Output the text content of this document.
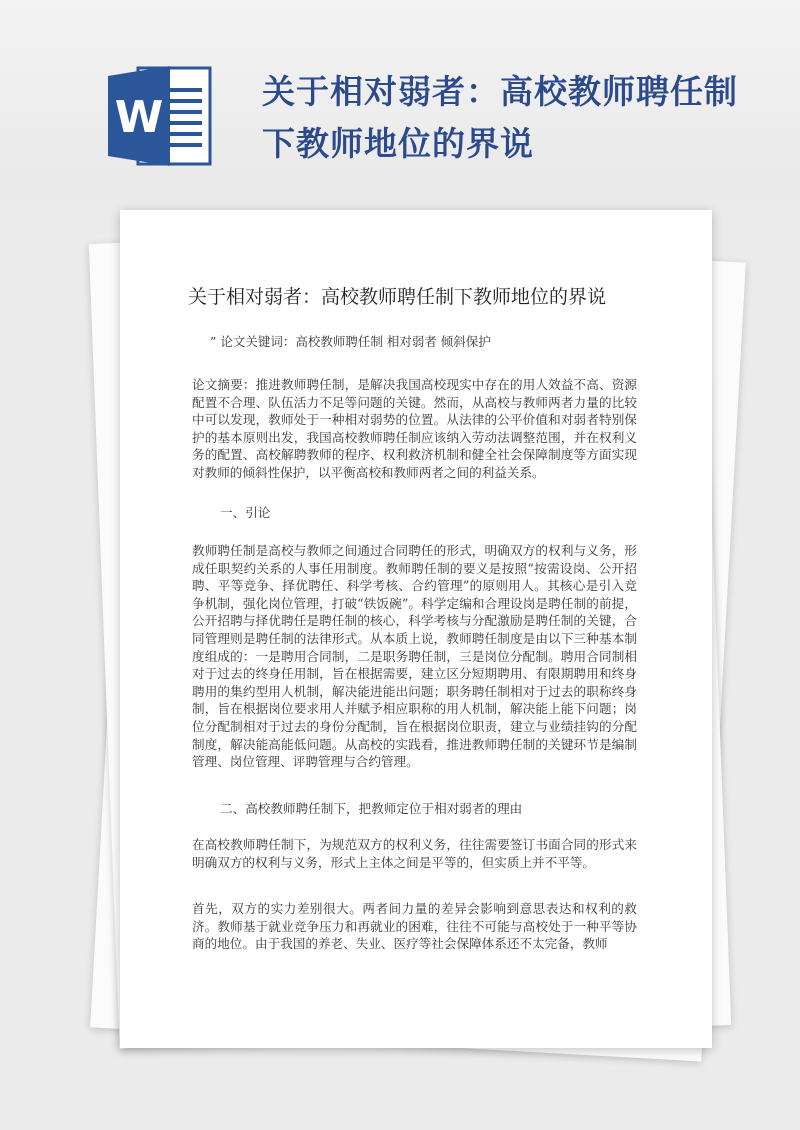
W
关于相对弱者：高校教师聘任制下教师地位的界说
关于相对弱者：高校教师聘任制下教师地位的界说
” 论文关键词：高校教师聘任制 相对弱者 倾斜保护

论文摘要：推进教师聘任制，是解决我国高校现实中存在的用人效益不高、资源配置不合理、队伍活力不足等问题的关键。然而，从高校与教师两者力量的比较中可以发现，教师处于一种相对弱势的位置。从法律的公平价值和对弱者特别保护的基本原则出发，我国高校教师聘任制应该纳入劳动法调整范围，并在权利义务的配置、高校解聘教师的程序、权利救济机制和健全社会保障制度等方面实现对教师的倾斜性保护，以平衡高校和教师两者之间的利益关系。

一、引论

教师聘任制是高校与教师之间通过合同聘任的形式，明确双方的权利与义务，形成任职契约关系的人事任用制度。教师聘任制的要义是按照“按需设岗、公开招聘、平等竞争、择优聘任、科学考核、合约管理”的原则用人。其核心是引入竞争机制，强化岗位管理，打破“铁饭碗”。科学定编和合理设岗是聘任制的前提，公开招聘与择优聘任是聘任制的核心，科学考核与分配激励是聘任制的关键，合同管理则是聘任制的法律形式。从本质上说，教师聘任制度是由以下三种基本制度组成的：一是聘用合同制，二是职务聘任制，三是岗位分配制。聘用合同制相对于过去的终身任用制，旨在根据需要，建立区分短期聘用、有限期聘用和终身聘用的集约型用人机制，解决能进能出问题；职务聘任制相对于过去的职称终身制，旨在根据岗位要求用人并赋予相应职称的用人机制，解决能上能下问题；岗位分配制相对于过去的身份分配制，旨在根据岗位职责，建立与业绩挂钩的分配制度，解决能高能低问题。从高校的实践看，推进教师聘任制的关键环节是编制管理、岗位管理、评聘管理与合约管理。

二、高校教师聘任制下，把教师定位于相对弱者的理由

在高校教师聘任制下，为规范双方的权利义务，往往需要签订书面合同的形式来明确双方的权利与义务，形式上主体之间是平等的，但实质上并不平等。

首先，双方的实力差别很大。两者间力量的差异会影响到意思表达和权利的救济。教师基于就业竞争压力和再就业的困难，往往不可能与高校处于一种平等协商的地位。由于我国的养老、失业、医疗等社会保障体系还不太完备，教师
